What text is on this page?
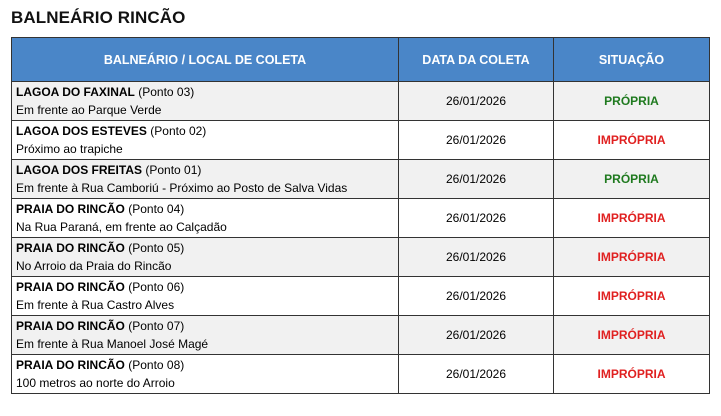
BALNEÁRIO RINCÃO
BALNEÁRIO / LOCAL DE COLETA	DATA DA COLETA	SITUAÇÃO
LAGOA DO FAXINAL (Ponto 03)
Em frente ao Parque Verde	26/01/2026	PRÓPRIA
LAGOA DOS ESTEVES (Ponto 02)
Próximo ao trapiche	26/01/2026	IMPRÓPRIA
LAGOA DOS FREITAS (Ponto 01)
Em frente à Rua Camboriú - Próximo ao Posto de Salva Vidas	26/01/2026	PRÓPRIA
PRAIA DO RINCÃO (Ponto 04)
Na Rua Paraná, em frente ao Calçadão	26/01/2026	IMPRÓPRIA
PRAIA DO RINCÃO (Ponto 05)
No Arroio da Praia do Rincão	26/01/2026	IMPRÓPRIA
PRAIA DO RINCÃO (Ponto 06)
Em frente à Rua Castro Alves	26/01/2026	IMPRÓPRIA
PRAIA DO RINCÃO (Ponto 07)
Em frente à Rua Manoel José Magé	26/01/2026	IMPRÓPRIA
PRAIA DO RINCÃO (Ponto 08)
100 metros ao norte do Arroio	26/01/2026	IMPRÓPRIA
